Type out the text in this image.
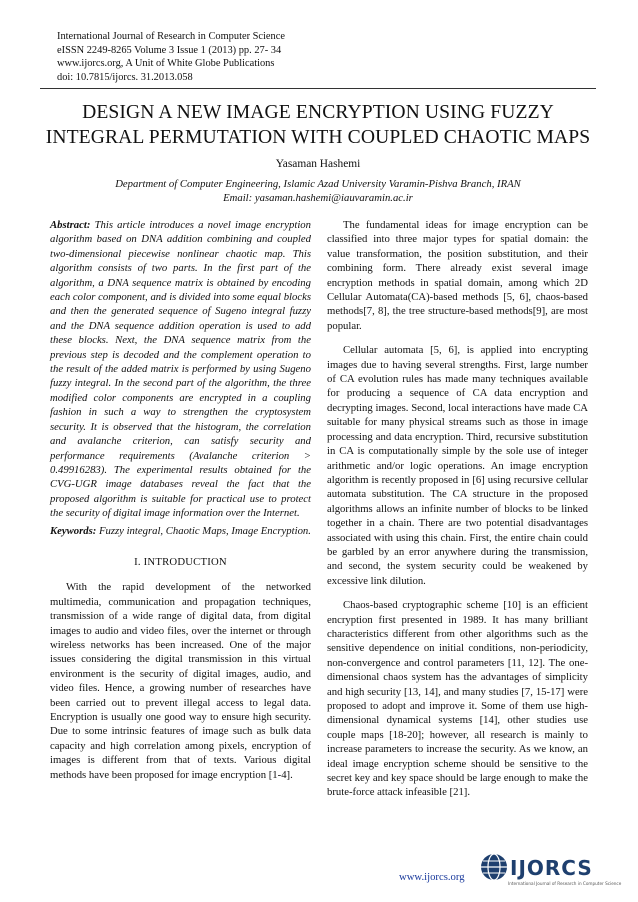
International Journal of Research in Computer Science
eISSN 2249-8265 Volume 3 Issue 1 (2013) pp. 27- 34
www.ijorcs.org, A Unit of White Globe Publications
doi: 10.7815/ijorcs. 31.2013.058
DESIGN A NEW IMAGE ENCRYPTION USING FUZZY
INTEGRAL PERMUTATION WITH COUPLED CHAOTIC MAPS
Yasaman Hashemi
Department of Computer Engineering, Islamic Azad University Varamin-Pishva Branch, IRAN
Email: yasaman.hashemi@iauvaramin.ac.ir

Abstract: This article introduces a novel image encryption algorithm based on DNA addition combining and coupled two-dimensional piecewise nonlinear chaotic map. This algorithm consists of two parts. In the first part of the algorithm, a DNA sequence matrix is obtained by encoding each color component, and is divided into some equal blocks and then the generated sequence of Sugeno integral fuzzy and the DNA sequence addition operation is used to add these blocks. Next, the DNA sequence matrix from the previous step is decoded and the complement operation to the result of the added matrix is performed by using Sugeno fuzzy integral. In the second part of the algorithm, the three modified color components are encrypted in a coupling fashion in such a way to strengthen the cryptosystem security. It is observed that the histogram, the correlation and avalanche criterion, can satisfy security and performance requirements (Avalanche criterion > 0.49916283). The experimental results obtained for the CVG-UGR image databases reveal the fact that the proposed algorithm is suitable for practical use to protect the security of digital image information over the Internet.

Keywords: Fuzzy integral, Chaotic Maps, Image Encryption.

I. INTRODUCTION

With the rapid development of the networked multimedia, communication and propagation techniques, transmission of a wide range of digital data, from digital images to audio and video files, over the internet or through wireless networks has been increased. One of the major issues considering the digital transmission in this virtual environment is the security of digital images, audio, and video files. Hence, a growing number of researches have been carried out to prevent illegal access to legal data. Encryption is usually one good way to ensure high security. Due to some intrinsic features of image such as bulk data capacity and high correlation among pixels, encryption of images is different from that of texts. Various digital methods have been proposed for image encryption [1-4].

The fundamental ideas for image encryption can be classified into three major types for spatial domain: the value transformation, the position substitution, and their combining form. There already exist several image encryption methods in spatial domain, among which 2D Cellular Automata(CA)-based methods [5, 6], chaos-based methods[7, 8], the tree structure-based methods[9], are most popular.

Cellular automata [5, 6], is applied into encrypting images due to having several strengths. First, large number of CA evolution rules has made many techniques available for producing a sequence of CA data encryption and decrypting images. Second, local interactions have made CA suitable for many physical streams such as those in image processing and data encryption. Third, recursive substitution in CA is computationally simple by the sole use of integer arithmetic and/or logic operations. An image encryption algorithm is recently proposed in [6] using recursive cellular automata substitution. The CA structure in the proposed algorithms allows an infinite number of blocks to be linked together in a chain. There are two potential disadvantages associated with using this chain. First, the entire chain could be garbled by an error anywhere during the transmission, and second, the system security could be weakened by excessive link dilution.

Chaos-based cryptographic scheme [10] is an efficient encryption first presented in 1989. It has many brilliant characteristics different from other algorithms such as the sensitive dependence on initial conditions, non-periodicity, non-convergence and control parameters [11, 12]. The one-dimensional chaos system has the advantages of simplicity and high security [13, 14], and many studies [7, 15-17] were proposed to adopt and improve it. Some of them use high-dimensional dynamical systems [14], other studies use couple maps [18-20]; however, all research is mainly to increase parameters to increase the security. As we know, an ideal image encryption scheme should be sensitive to the secret key and key space should be large enough to make the brute-force attack infeasible [21].

www.ijorcs.org IJORCS
International Journal of Research in Computer Science
